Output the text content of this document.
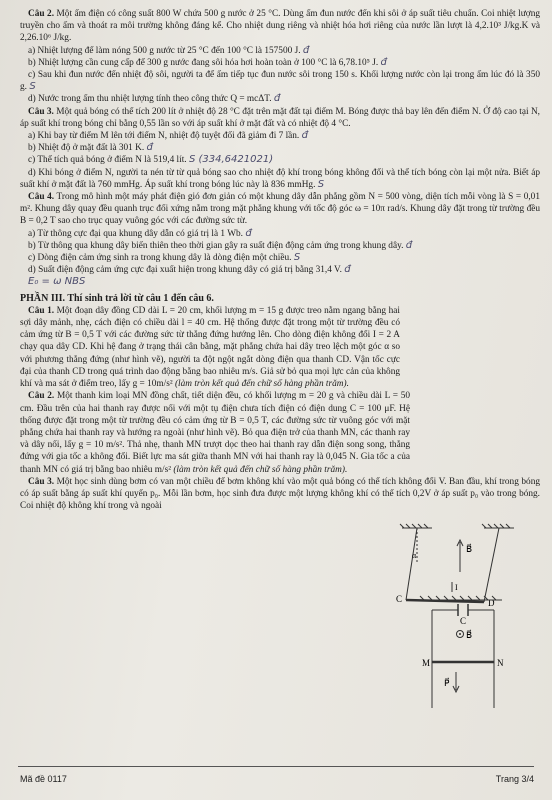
Câu 2. Một ấm điện có công suất 800 W chứa 500 g nước ở 25 °C. Dùng ấm đun nước đến khi sôi ở áp suất tiêu chuẩn. Coi nhiệt lượng truyền cho ấm và thoát ra môi trường không đáng kể. Cho nhiệt dung riêng và nhiệt hóa hơi riêng của nước lần lượt là 4,2.10³ J/kg.K và 2,26.10⁶ J/kg.

a) Nhiệt lượng để làm nóng 500 g nước từ 25 °C đến 100 °C là 157500 J. đ

b) Nhiệt lượng cần cung cấp để 300 g nước đang sôi hóa hơi hoàn toàn ở 100 °C là 6,78.10⁵ J. đ

c) Sau khi đun nước đến nhiệt độ sôi, người ta để ấm tiếp tục đun nước sôi trong 150 s. Khối lượng nước còn lại trong ấm lúc đó là 350 g. S

d) Nước trong ấm thu nhiệt lượng tính theo công thức Q = mcΔT. đ

Câu 3. Một quả bóng có thể tích 200 lít ở nhiệt độ 28 °C đặt trên mặt đất tại điểm M. Bóng được thả bay lên đến điểm N. Ở độ cao tại N, áp suất khí trong bóng chỉ bằng 0,55 lần so với áp suất khí ở mặt đất và có nhiệt độ 4 °C.

a) Khi bay từ điểm M lên tới điểm N, nhiệt độ tuyệt đối đã giảm đi 7 lần. đ

b) Nhiệt độ ở mặt đất là 301 K. đ

c) Thể tích quả bóng ở điểm N là 519,4 lít. S (334,6421021)

d) Khi bóng ở điểm N, người ta nén từ từ quả bóng sao cho nhiệt độ khí trong bóng không đổi và thể tích bóng còn lại một nửa. Biết áp suất khí ở mặt đất là 760 mmHg. Áp suất khí trong bóng lúc này là 836 mmHg. S

Câu 4. Trong mô hình một máy phát điện gió đơn giản có một khung dây dẫn phẳng gồm N = 500 vòng, diện tích mỗi vòng là S = 0,01 m². Khung dây quay đều quanh trục đối xứng nằm trong mặt phẳng khung với tốc độ góc ω = 10π rad/s. Khung dây đặt trong từ trường đều B = 0,2 T sao cho trục quay vuông góc với các đường sức từ.

a) Từ thông cực đại qua khung dây dẫn có giá trị là 1 Wb. đ

b) Từ thông qua khung dây biến thiên theo thời gian gây ra suất điện động cảm ứng trong khung dây. đ

c) Dòng điện cảm ứng sinh ra trong khung dây là dòng điện một chiều. S

d) Suất điện động cảm ứng cực đại xuất hiện trong khung dây có giá trị bằng 31,4 V. đ

E₀ = ω NBS

PHẦN III. Thí sinh trả lời từ câu 1 đến câu 6.

Câu 1. Một đoạn dây đồng CD dài L = 20 cm, khối lượng m = 15 g được treo nằm ngang bằng hai sợi dây mảnh, nhẹ, cách điện có chiều dài l = 40 cm. Hệ thống được đặt trong một từ trường đều có cảm ứng từ B = 0,5 T với các đường sức từ thẳng đứng hướng lên. Cho dòng điện không đổi I = 2 A chạy qua dây CD. Khi hệ đang ở trạng thái cân bằng, mặt phẳng chứa hai dây treo lệch một góc α so với phương thẳng đứng (như hình vẽ), người ta đột ngột ngắt dòng điện qua thanh CD. Vận tốc cực đại của thanh CD trong quá trình dao động bằng bao nhiêu m/s. Giả sử bỏ qua mọi lực cản của không khí và ma sát ở điểm treo, lấy g = 10m/s² (làm tròn kết quả đến chữ số hàng phần trăm).

Câu 2. Một thanh kim loại MN đồng chất, tiết diện đều, có khối lượng m = 20 g và chiều dài L = 50 cm. Đầu trên của hai thanh ray được nối với một tụ điện chưa tích điện có điện dung C = 100 μF. Hệ thống được đặt trong một từ trường đều có cảm ứng từ B = 0,5 T, các đường sức từ vuông góc với mặt phẳng chứa hai thanh ray và hướng ra ngoài (như hình vẽ). Bỏ qua điện trở của thanh MN, các thanh ray và dây nối, lấy g = 10 m/s². Thả nhẹ, thanh MN trượt dọc theo hai thanh ray dẫn điện song song, thẳng đứng với gia tốc a không đổi. Biết lực ma sát giữa thanh MN với hai thanh ray là 0,045 N. Gia tốc a của thanh MN có giá trị bằng bao nhiêu m/s² (làm tròn kết quả đến chữ số hàng phần trăm).

Câu 3. Một học sinh dùng bơm có van một chiều để bơm không khí vào một quả bóng có thể tích không đổi V. Ban đầu, khí trong bóng có áp suất bằng áp suất khí quyển p₀. Mỗi lần bơm, học sinh đưa được một lượng không khí có thể tích 0,2V ở áp suất p₀ vào trong bóng. Coi nhiệt độ không khí trong và ngoài

α
B⃗
C	D
I
C
B⃗
M	N
P⃗
Mã đề 0117	Trang 3/4
